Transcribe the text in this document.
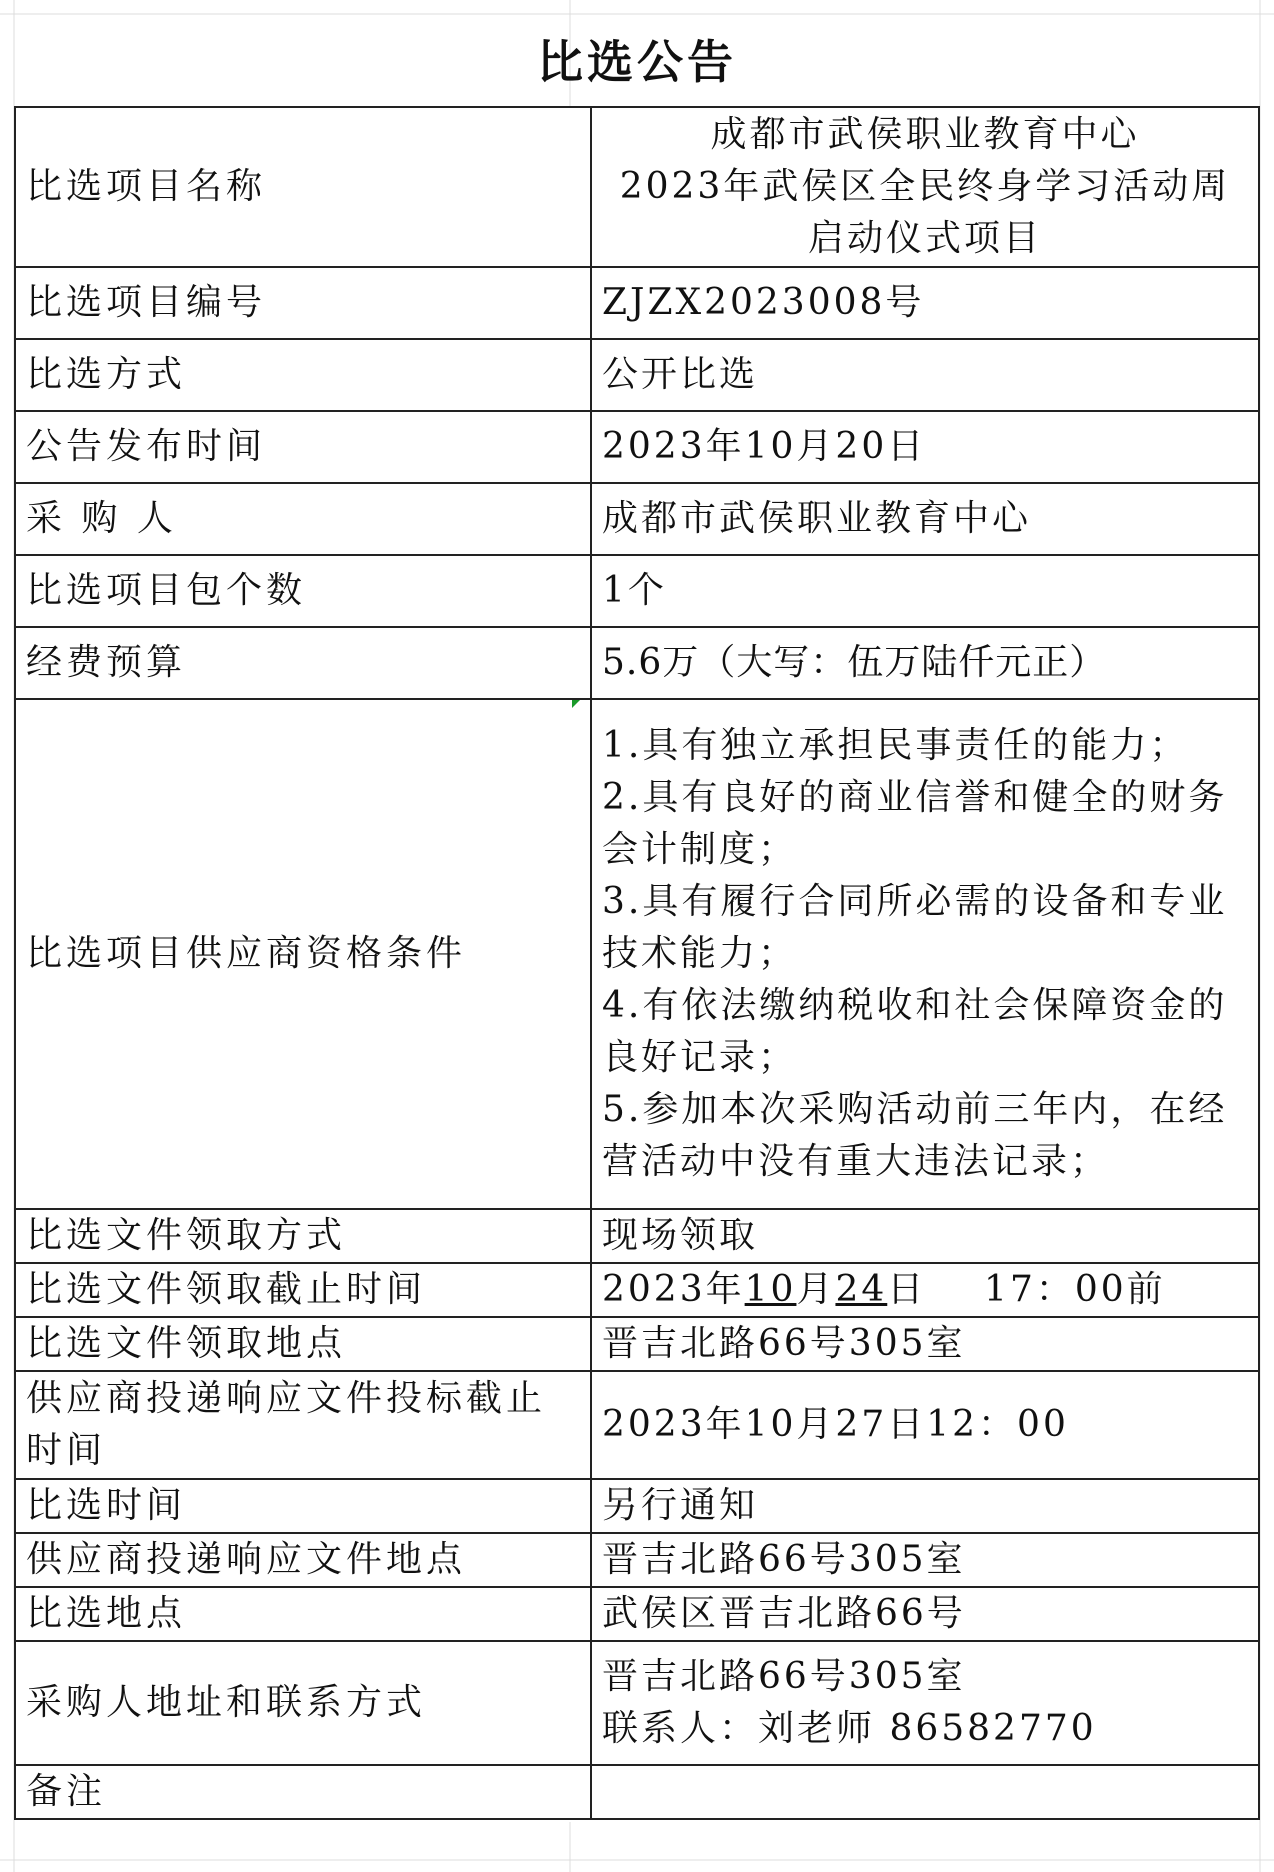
比选公告
比选项目名称	成都市武侯职业教育中心
2023年武侯区全民终身学习活动周
启动仪式项目

比选项目编号	ZJZX2023008号
比选方式	公开比选
公告发布时间	2023年10月20日
采 购 人	成都市武侯职业教育中心
比选项目包个数	1个
经费预算	5.6万（大写：伍万陆仟元正）
比选项目供应商资格条件	1.具有独立承担民事责任的能力；
2.具有良好的商业信誉和健全的财务会计制度；
3.具有履行合同所必需的设备和专业技术能力；
4.有依法缴纳税收和社会保障资金的良好记录；
5.参加本次采购活动前三年内，在经营活动中没有重大违法记录；

比选文件领取方式	现场领取
比选文件领取截止时间	2023年10月24日    17：00前
比选文件领取地点	晋吉北路66号305室
供应商投递响应文件投标截止时间	2023年10月27日12：00
比选时间	另行通知
供应商投递响应文件地点	晋吉北路66号305室
比选地点	武侯区晋吉北路66号
采购人地址和联系方式	晋吉北路66号305室
联系人：刘老师 86582770

备注	
